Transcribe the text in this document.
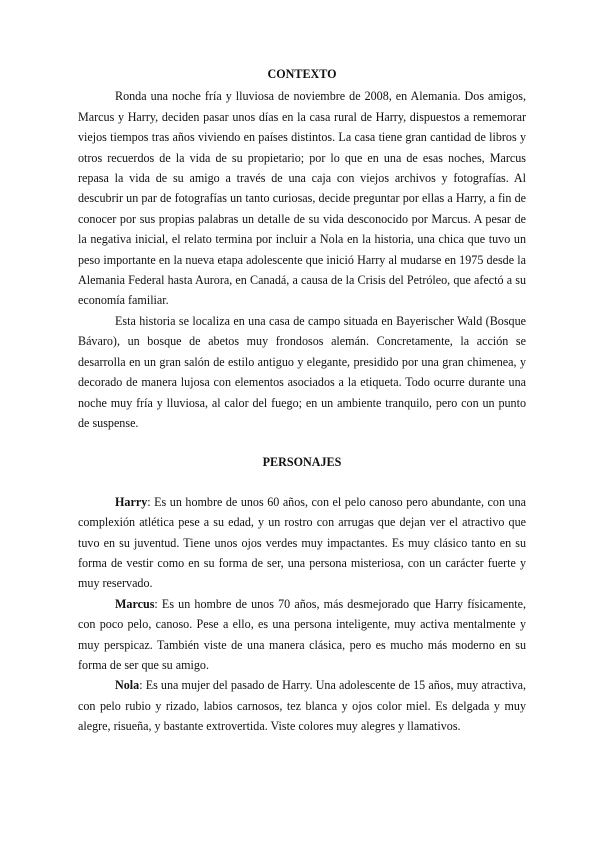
CONTEXTO

Ronda una noche fría y lluviosa de noviembre de 2008, en Alemania. Dos amigos, Marcus y Harry, deciden pasar unos días en la casa rural de Harry, dispuestos a rememorar viejos tiempos tras años viviendo en países distintos. La casa tiene gran cantidad de libros y otros recuerdos de la vida de su propietario; por lo que en una de esas noches, Marcus repasa la vida de su amigo a través de una caja con viejos archivos y fotografías. Al descubrir un par de fotografías un tanto curiosas, decide preguntar por ellas a Harry, a fin de conocer por sus propias palabras un detalle de su vida desconocido por Marcus. A pesar de la negativa inicial, el relato termina por incluir a Nola en la historia, una chica que tuvo un peso importante en la nueva etapa adolescente que inició Harry al mudarse en 1975 desde la Alemania Federal hasta Aurora, en Canadá, a causa de la Crisis del Petróleo, que afectó a su economía familiar.

Esta historia se localiza en una casa de campo situada en Bayerischer Wald (Bosque Bávaro), un bosque de abetos muy frondosos alemán. Concretamente, la acción se desarrolla en un gran salón de estilo antiguo y elegante, presidido por una gran chimenea, y decorado de manera lujosa con elementos asociados a la etiqueta. Todo ocurre durante una noche muy fría y lluviosa, al calor del fuego; en un ambiente tranquilo, pero con un punto de suspense.

PERSONAJES

Harry: Es un hombre de unos 60 años, con el pelo canoso pero abundante, con una complexión atlética pese a su edad, y un rostro con arrugas que dejan ver el atractivo que tuvo en su juventud. Tiene unos ojos verdes muy impactantes. Es muy clásico tanto en su forma de vestir como en su forma de ser, una persona misteriosa, con un carácter fuerte y muy reservado.

Marcus: Es un hombre de unos 70 años, más desmejorado que Harry físicamente, con poco pelo, canoso. Pese a ello, es una persona inteligente, muy activa mentalmente y muy perspicaz. También viste de una manera clásica, pero es mucho más moderno en su forma de ser que su amigo.

Nola: Es una mujer del pasado de Harry. Una adolescente de 15 años, muy atractiva, con pelo rubio y rizado, labios carnosos, tez blanca y ojos color miel. Es delgada y muy alegre, risueña, y bastante extrovertida. Viste colores muy alegres y llamativos.
